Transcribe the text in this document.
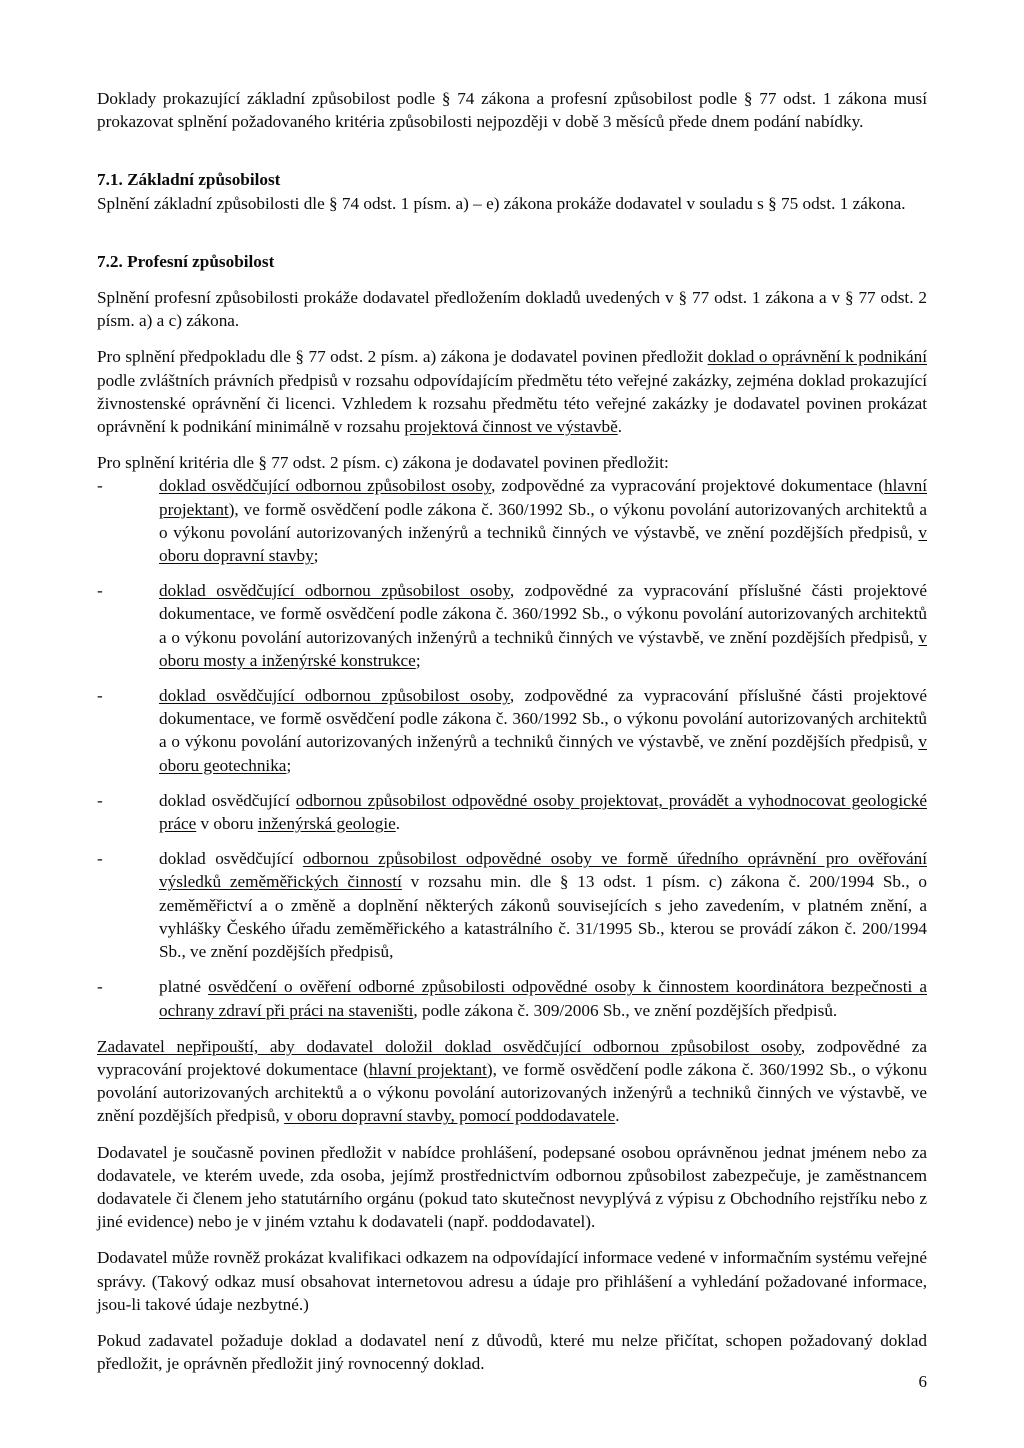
Doklady prokazující základní způsobilost podle § 74 zákona a profesní způsobilost podle § 77 odst. 1 zákona musí prokazovat splnění požadovaného kritéria způsobilosti nejpozději v době 3 měsíců přede dnem podání nabídky.

7.1. Základní způsobilost

Splnění základní způsobilosti dle § 74 odst. 1 písm. a) – e) zákona prokáže dodavatel v souladu s § 75 odst. 1 zákona.

7.2. Profesní způsobilost

Splnění profesní způsobilosti prokáže dodavatel předložením dokladů uvedených v § 77 odst. 1 zákona a v § 77 odst. 2 písm. a) a c) zákona.

Pro splnění předpokladu dle § 77 odst. 2 písm. a) zákona je dodavatel povinen předložit doklad o oprávnění k podnikání podle zvláštních právních předpisů v rozsahu odpovídajícím předmětu této veřejné zakázky, zejména doklad prokazující živnostenské oprávnění či licenci. Vzhledem k rozsahu předmětu této veřejné zakázky je dodavatel povinen prokázat oprávnění k podnikání minimálně v rozsahu projektová činnost ve výstavbě.

Pro splnění kritéria dle § 77 odst. 2 písm. c) zákona je dodavatel povinen předložit:

-	doklad osvědčující odbornou způsobilost osoby, zodpovědné za vypracování projektové dokumentace (hlavní projektant), ve formě osvědčení podle zákona č. 360/1992 Sb., o výkonu povolání autorizovaných architektů a o výkonu povolání autorizovaných inženýrů a techniků činných ve výstavbě, ve znění pozdějších předpisů, v oboru dopravní stavby;
-	doklad osvědčující odbornou způsobilost osoby, zodpovědné za vypracování příslušné části projektové dokumentace, ve formě osvědčení podle zákona č. 360/1992 Sb., o výkonu povolání autorizovaných architektů a o výkonu povolání autorizovaných inženýrů a techniků činných ve výstavbě, ve znění pozdějších předpisů, v oboru mosty a inženýrské konstrukce;
-	doklad osvědčující odbornou způsobilost osoby, zodpovědné za vypracování příslušné části projektové dokumentace, ve formě osvědčení podle zákona č. 360/1992 Sb., o výkonu povolání autorizovaných architektů a o výkonu povolání autorizovaných inženýrů a techniků činných ve výstavbě, ve znění pozdějších předpisů, v oboru geotechnika;
-	doklad osvědčující odbornou způsobilost odpovědné osoby projektovat, provádět a vyhodnocovat geologické práce v oboru inženýrská geologie.
-	doklad osvědčující odbornou způsobilost odpovědné osoby ve formě úředního oprávnění pro ověřování výsledků zeměměřických činností v rozsahu min. dle § 13 odst. 1 písm. c) zákona č. 200/1994 Sb., o zeměměřictví a o změně a doplnění některých zákonů souvisejících s jeho zavedením, v platném znění, a vyhlášky Českého úřadu zeměměřického a katastrálního č. 31/1995 Sb., kterou se provádí zákon č. 200/1994 Sb., ve znění pozdějších předpisů,
-	platné osvědčení o ověření odborné způsobilosti odpovědné osoby k činnostem koordinátora bezpečnosti a ochrany zdraví při práci na staveništi, podle zákona č. 309/2006 Sb., ve znění pozdějších předpisů.

Zadavatel nepřipouští, aby dodavatel doložil doklad osvědčující odbornou způsobilost osoby, zodpovědné za vypracování projektové dokumentace (hlavní projektant), ve formě osvědčení podle zákona č. 360/1992 Sb., o výkonu povolání autorizovaných architektů a o výkonu povolání autorizovaných inženýrů a techniků činných ve výstavbě, ve znění pozdějších předpisů, v oboru dopravní stavby, pomocí poddodavatele.

Dodavatel je současně povinen předložit v nabídce prohlášení, podepsané osobou oprávněnou jednat jménem nebo za dodavatele, ve kterém uvede, zda osoba, jejímž prostřednictvím odbornou způsobilost zabezpečuje, je zaměstnancem dodavatele či členem jeho statutárního orgánu (pokud tato skutečnost nevyplývá z výpisu z Obchodního rejstříku nebo z jiné evidence) nebo je v jiném vztahu k dodavateli (např. poddodavatel).

Dodavatel může rovněž prokázat kvalifikaci odkazem na odpovídající informace vedené v informačním systému veřejné správy. (Takový odkaz musí obsahovat internetovou adresu a údaje pro přihlášení a vyhledání požadované informace, jsou-li takové údaje nezbytné.)

Pokud zadavatel požaduje doklad a dodavatel není z důvodů, které mu nelze přičítat, schopen požadovaný doklad předložit, je oprávněn předložit jiný rovnocenný doklad.

6
